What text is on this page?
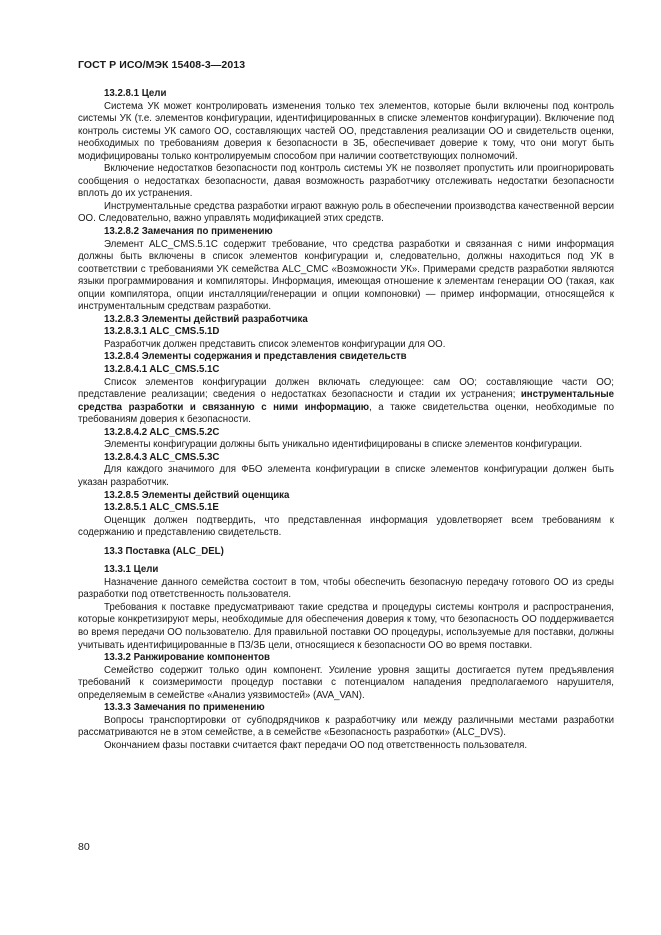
ГОСТ Р ИСО/МЭК 15408-3—2013

13.2.8.1 Цели

Система УК может контролировать изменения только тех элементов, которые были включены под контроль системы УК (т.е. элементов конфигурации, идентифицированных в списке элементов конфигурации). Включение под контроль системы УК самого ОО, составляющих частей ОО, представления реализации ОО и свидетельств оценки, необходимых по требованиям доверия к безопасности в ЗБ, обеспечивает доверие к тому, что они могут быть модифицированы только контролируемым способом при наличии соответствующих полномочий.

Включение недостатков безопасности под контроль системы УК не позволяет пропустить или проигнорировать сообщения о недостатках безопасности, давая возможность разработчику отслеживать недостатки безопасности вплоть до их устранения.

Инструментальные средства разработки играют важную роль в обеспечении производства качественной версии ОО. Следовательно, важно управлять модификацией этих средств.

13.2.8.2 Замечания по применению

Элемент ALC_CMS.5.1C содержит требование, что средства разработки и связанная с ними информация должны быть включены в список элементов конфигурации и, следовательно, должны находиться под УК в соответствии с требованиями УК семейства ALC_CMC «Возможности УК». Примерами средств разработки являются языки программирования и компиляторы. Информация, имеющая отношение к элементам генерации ОО (такая, как опции компилятора, опции инсталляции/генерации и опции компоновки) — пример информации, относящейся к инструментальным средствам разработки.

13.2.8.3 Элементы действий разработчика

13.2.8.3.1 ALC_CMS.5.1D

Разработчик должен представить список элементов конфигурации для ОО.

13.2.8.4 Элементы содержания и представления свидетельств

13.2.8.4.1 ALC_CMS.5.1C

Список элементов конфигурации должен включать следующее: сам ОО; составляющие части ОО; представление реализации; сведения о недостатках безопасности и стадии их устранения; инструментальные средства разработки и связанную с ними информацию, а также свидетельства оценки, необходимые по требованиям доверия к безопасности.

13.2.8.4.2 ALC_CMS.5.2C

Элементы конфигурации должны быть уникально идентифицированы в списке элементов конфигурации.

13.2.8.4.3 ALC_CMS.5.3C

Для каждого значимого для ФБО элемента конфигурации в списке элементов конфигурации должен быть указан разработчик.

13.2.8.5 Элементы действий оценщика

13.2.8.5.1 ALC_CMS.5.1E

Оценщик должен подтвердить, что представленная информация удовлетворяет всем требованиям к содержанию и представлению свидетельств.

13.3 Поставка (ALC_DEL)

13.3.1 Цели

Назначение данного семейства состоит в том, чтобы обеспечить безопасную передачу готового ОО из среды разработки под ответственность пользователя.

Требования к поставке предусматривают такие средства и процедуры системы контроля и распространения, которые конкретизируют меры, необходимые для обеспечения доверия к тому, что безопасность ОО поддерживается во время передачи ОО пользователю. Для правильной поставки ОО процедуры, используемые для поставки, должны учитывать идентифицированные в ПЗ/ЗБ цели, относящиеся к безопасности ОО во время поставки.

13.3.2 Ранжирование компонентов

Семейство содержит только один компонент. Усиление уровня защиты достигается путем предъявления требований к соизмеримости процедур поставки с потенциалом нападения предполагаемого нарушителя, определяемым в семействе «Анализ уязвимостей» (AVA_VAN).

13.3.3 Замечания по применению

Вопросы транспортировки от субподрядчиков к разработчику или между различными местами разработки рассматриваются не в этом семействе, а в семействе «Безопасность разработки» (ALC_DVS).

Окончанием фазы поставки считается факт передачи ОО под ответственность пользователя.

80
